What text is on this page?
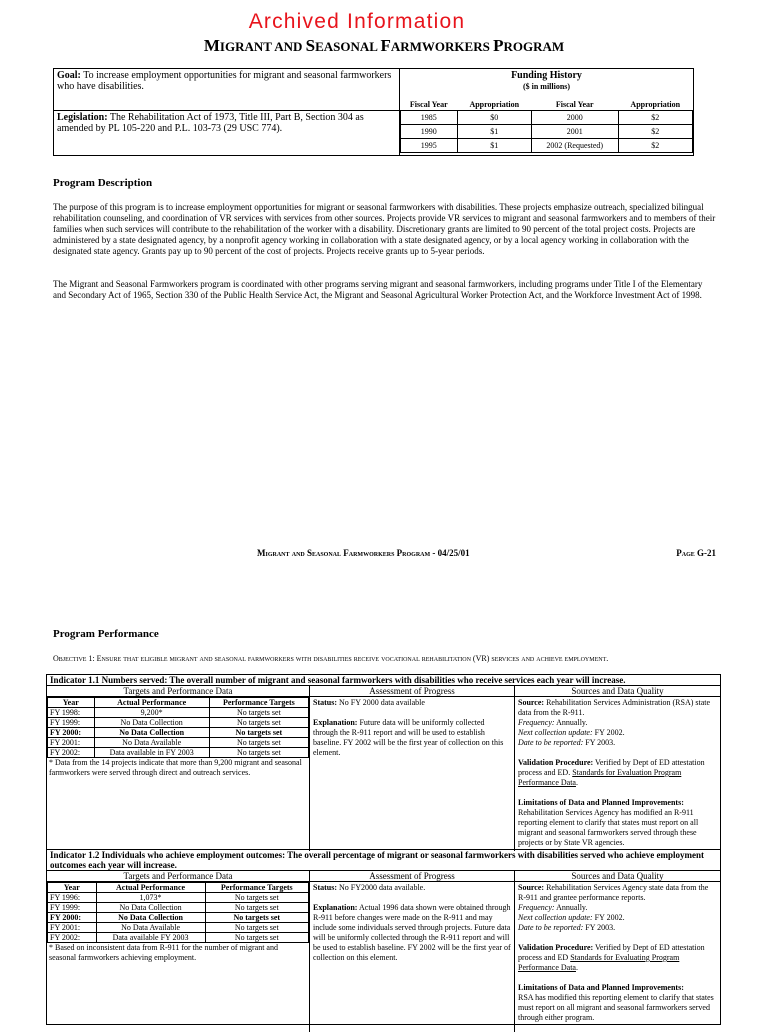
Archived Information
MIGRANT AND SEASONAL FARMWORKERS PROGRAM
Goal: To increase employment opportunities for migrant and seasonal farmworkers who have disabilities.
Legislation: The Rehabilitation Act of 1973, Title III, Part B, Section 304 as amended by PL 105-220 and P.L. 103-73 (29 USC 774).
Funding History
($ in millions)
Fiscal Year	Appropriation	Fiscal Year	Appropriation
1985	$0	2000	$2
1990	$1	2001	$2
1995	$1	2002 (Requested)	$2
Program Description
The purpose of this program is to increase employment opportunities for migrant or seasonal farmworkers with disabilities. These projects emphasize outreach, specialized bilingual rehabilitation counseling, and coordination of VR services with services from other sources. Projects provide VR services to migrant and seasonal farmworkers and to members of their families when such services will contribute to the rehabilitation of the worker with a disability. Discretionary grants are limited to 90 percent of the total project costs. Projects are administered by a state designated agency, by a nonprofit agency working in collaboration with a state designated agency, or by a local agency working in collaboration with the designated state agency. Grants pay up to 90 percent of the cost of projects. Projects receive grants up to 5-year periods.
The Migrant and Seasonal Farmworkers program is coordinated with other programs serving migrant and seasonal farmworkers, including programs under Title I of the Elementary and Secondary Act of 1965, Section 330 of the Public Health Service Act, the Migrant and Seasonal Agricultural Worker Protection Act, and the Workforce Investment Act of 1998.
Migrant and Seasonal Farmworkers Program - 04/25/01	Page G-21
Program Performance
Objective 1: Ensure that eligible migrant and seasonal farmworkers with disabilities receive vocational rehabilitation (VR) services and achieve employment.
Indicator 1.1 Numbers served: The overall number of migrant and seasonal farmworkers with disabilities who receive services each year will increase.
Targets and Performance Data	Assessment of Progress	Sources and Data Quality
Year	Actual Performance	Performance Targets
FY 1998:	9,200*	No targets set
FY 1999:	No Data Collection	No targets set
FY 2000:	No Data Collection	No targets set
FY 2001:	No Data Available	No targets set
FY 2002:	Data available in FY 2003	No targets set
* Data from the 14 projects indicate that more than 9,200 migrant and seasonal farmworkers were served through direct and outreach services.
Status: No FY 2000 data available
Explanation: Future data will be uniformly collected through the R-911 report and will be used to establish baseline. FY 2002 will be the first year of collection on this element.
Source: Rehabilitation Services Administration (RSA) state data from the R-911.
Frequency: Annually.
Next collection update: FY 2002.
Date to be reported: FY 2003.
Validation Procedure: Verified by Dept of ED attestation process and ED. Standards for Evaluation Program Performance Data.
Limitations of Data and Planned Improvements:
Rehabilitation Services Agency has modified an R-911 reporting element to clarify that states must report on all migrant and seasonal farmworkers served through these projects or by State VR agencies.
Indicator 1.2 Individuals who achieve employment outcomes: The overall percentage of migrant or seasonal farmworkers with disabilities served who achieve employment outcomes each year will increase.
Targets and Performance Data	Assessment of Progress	Sources and Data Quality
Year	Actual Performance	Performance Targets
FY 1996:	1,073*	No targets set
FY 1999:	No Data Collection	No targets set
FY 2000:	No Data Collection	No targets set
FY 2001:	No Data Available	No targets set
FY 2002:	Data available FY 2003	No targets set
* Based on inconsistent data from R-911 for the number of migrant and seasonal farmworkers achieving employment.
Status: No FY2000 data available.
Explanation: Actual 1996 data shown were obtained through R-911 before changes were made on the R-911 and may include some individuals served through projects. Future data will be uniformly collected through the R-911 report and will be used to establish baseline. FY 2002 will be the first year of collection on this element.
Source: Rehabilitation Services Agency state data from the R-911 and grantee performance reports.
Frequency: Annually.
Next collection update: FY 2002.
Date to be reported: FY 2003.
Validation Procedure: Verified by Dept of ED attestation process and ED Standards for Evaluating Program Performance Data.
Limitations of Data and Planned Improvements:
RSA has modified this reporting element to clarify that states must report on all migrant and seasonal farmworkers served through either program.
